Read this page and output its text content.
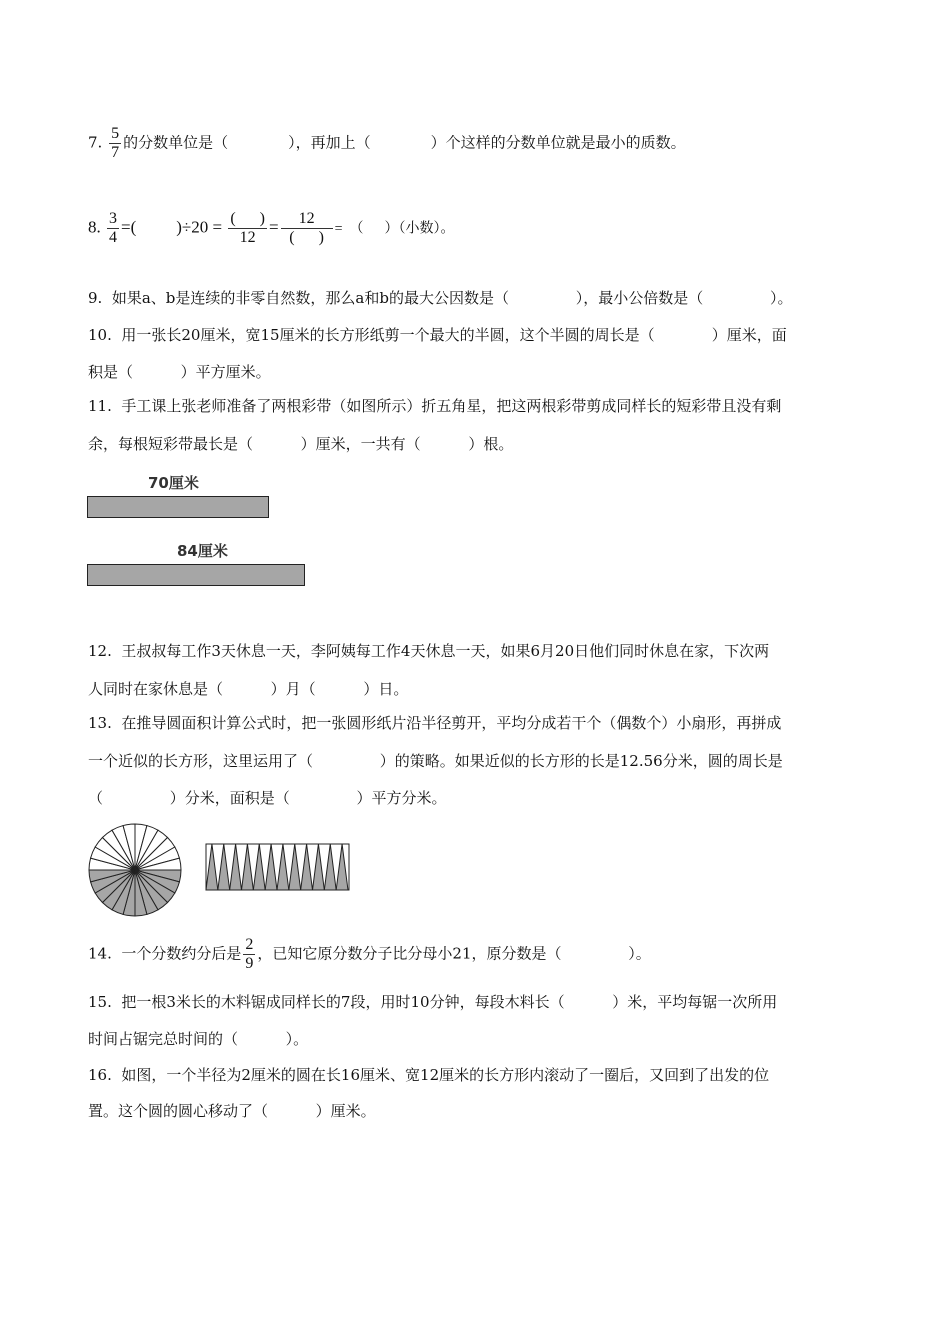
7. $\frac{5}{7}$ 的分数单位是（	），再加上（	）个这样的分数单位就是最小的质数。
8. $\frac{3}{4}$ =( )$\div 20 = \frac{( )}{12} = \frac{12}{( )}$ =  （      ）（小数）。
9.  如果a、b是连续的非零自然数，那么a和b的最大公因数是（              ），最小公倍数是（              ）。
10.  用一张长20厘米，宽15厘米的长方形纸剪一个最大的半圆，这个半圆的周长是（            ）厘米，面
积是（          ）平方厘米。
11.  手工课上张老师准备了两根彩带（如图所示）折五角星，把这两根彩带剪成同样长的短彩带且没有剩
余，每根短彩带最长是（          ）厘米，一共有（          ）根。
70厘米
84厘米
12.  王叔叔每工作3天休息一天，李阿姨每工作4天休息一天，如果6月20日他们同时休息在家，下次两
人同时在家休息是（          ）月（          ）日。
13.  在推导圆面积计算公式时，把一张圆形纸片沿半径剪开，平均分成若干个（偶数个）小扇形，再拼成
一个近似的长方形，这里运用了（              ）的策略。如果近似的长方形的长是12.56分米，圆的周长是
（              ）分米，面积是（              ）平方分米。
14.  一个分数约分后是 $\frac{2}{9}$ ，已知它原分数分子比分母小21，原分数是（              ）。
15.  把一根3米长的木料锯成同样长的7段，用时10分钟，每段木料长（          ）米，平均每锯一次所用
时间占锯完总时间的（          ）。
16.  如图，一个半径为2厘米的圆在长16厘米、宽12厘米的长方形内滚动了一圈后，又回到了出发的位
置。这个圆的圆心移动了（          ）厘米。
